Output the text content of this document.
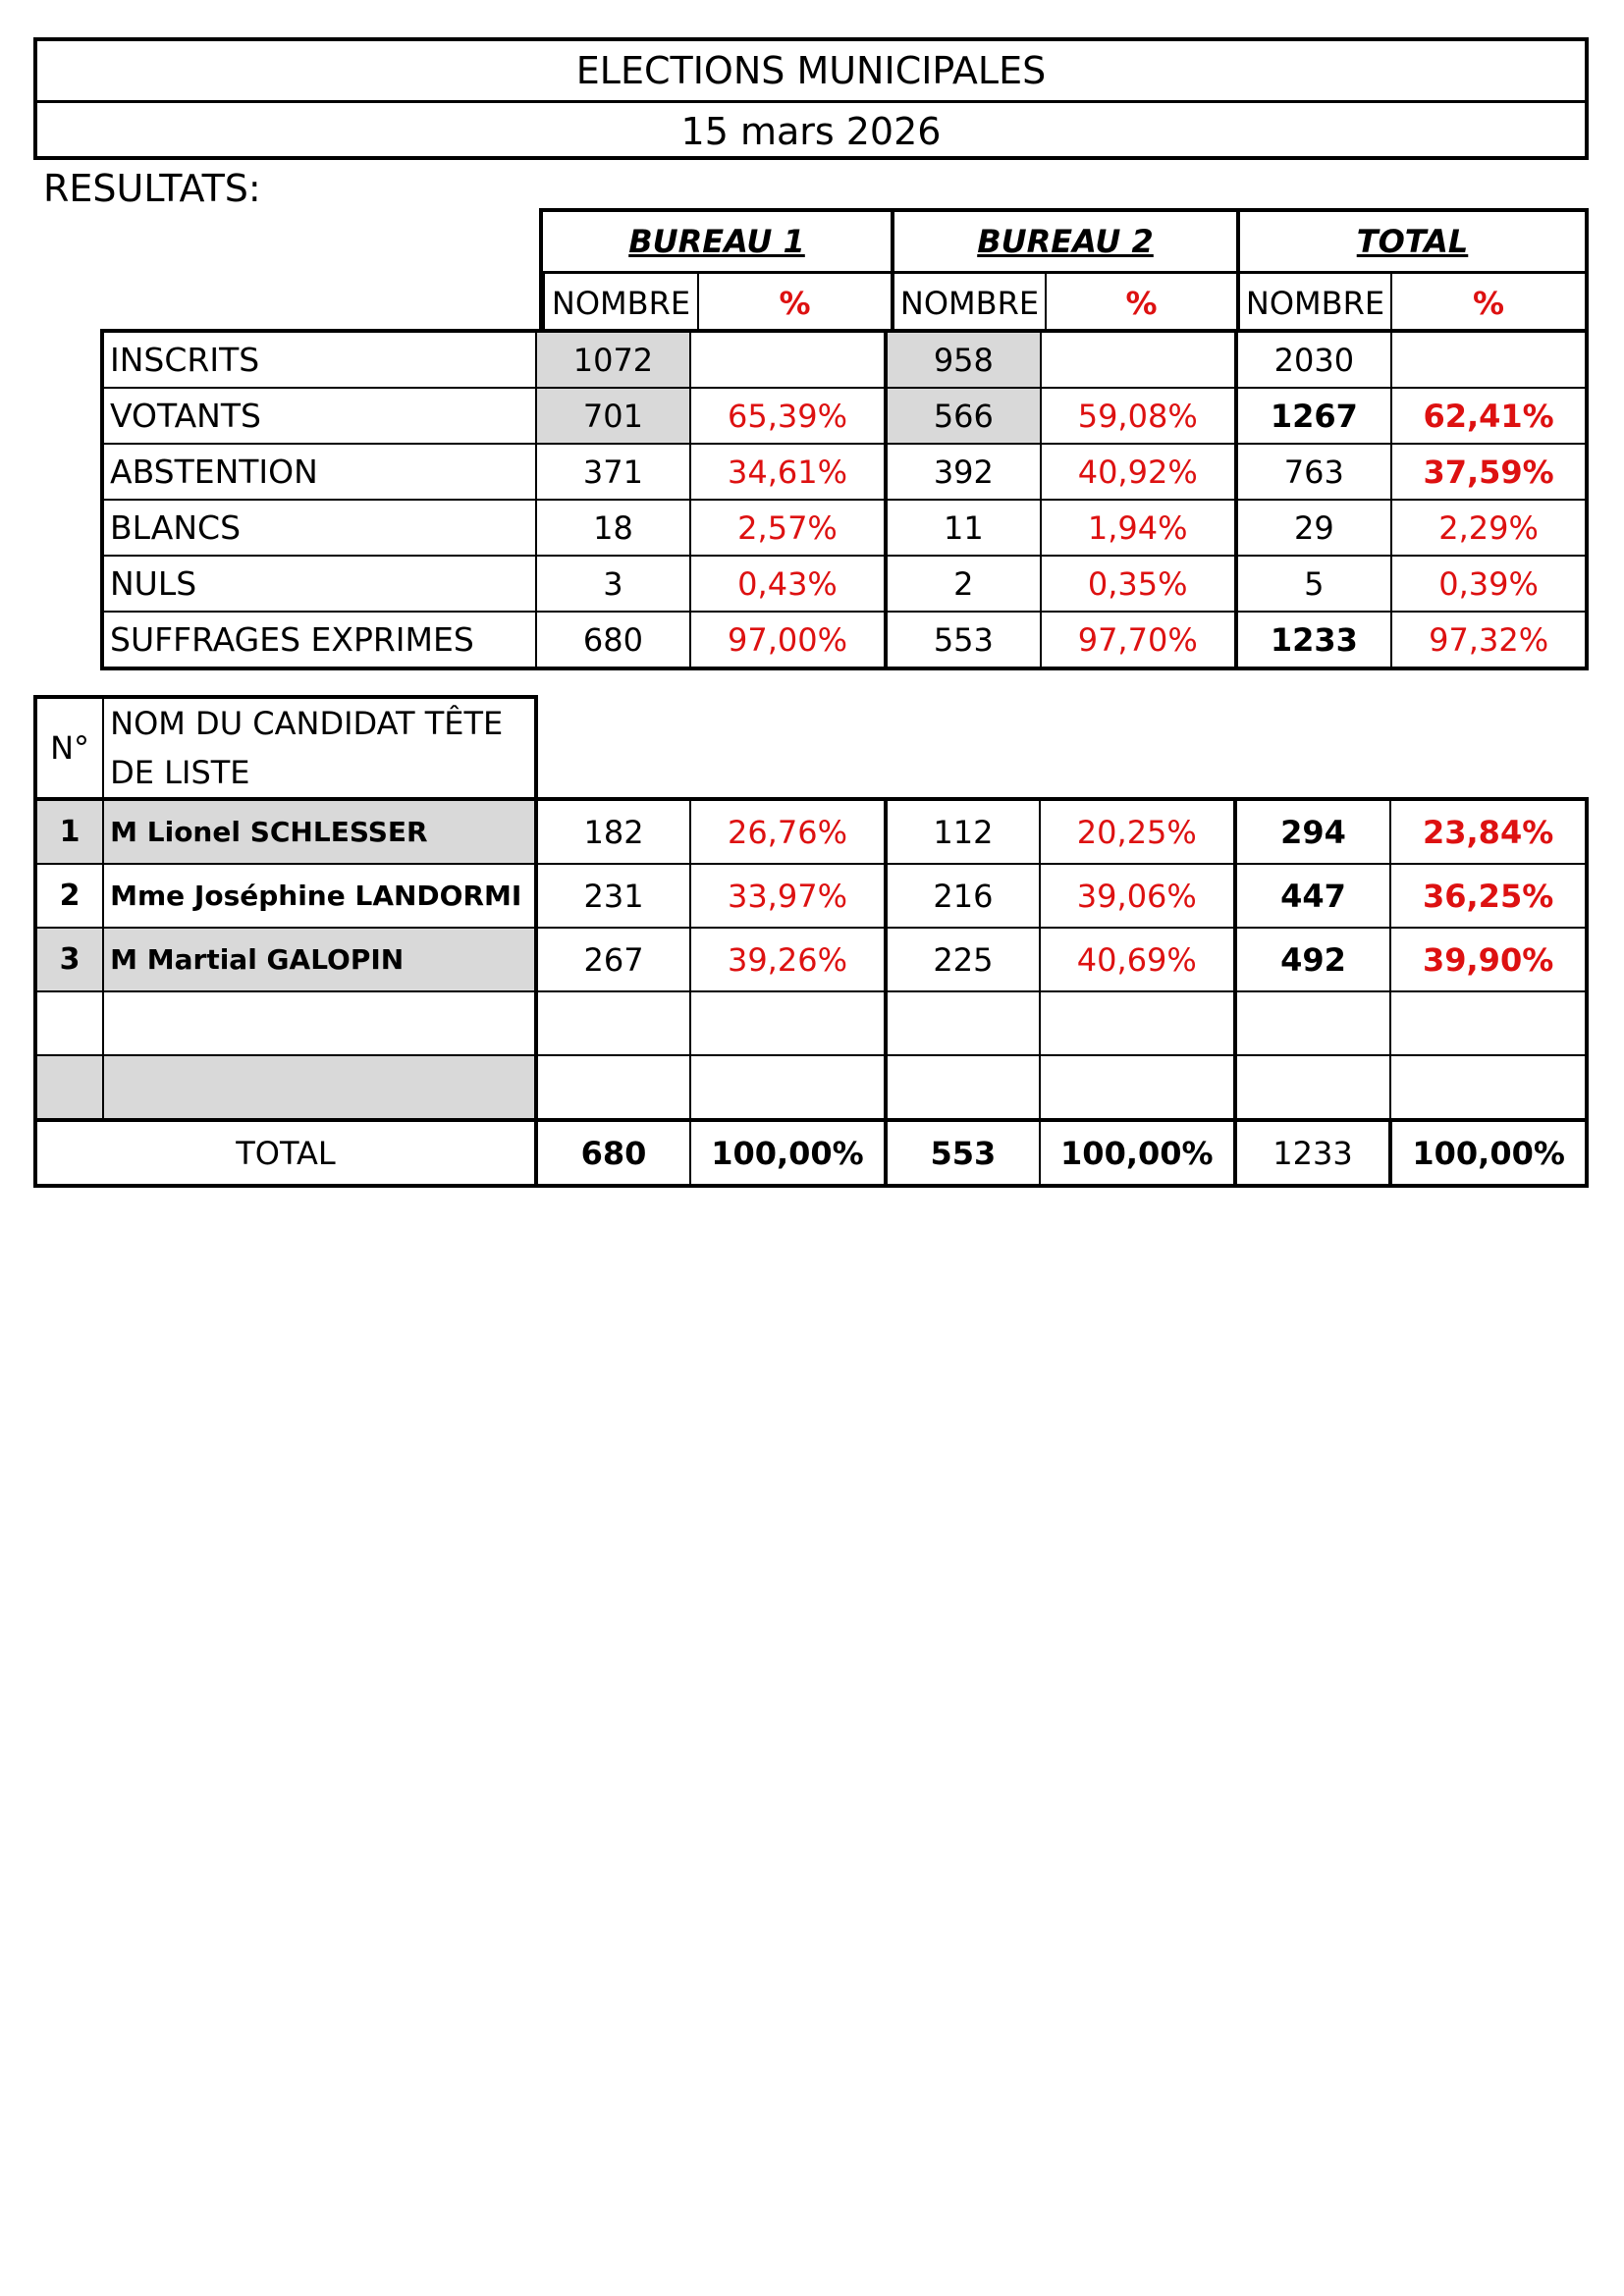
ELECTIONS MUNICIPALES
15 mars 2026
RESULTATS:
BUREAU 1	BUREAU 2	TOTAL
NOMBRE	%	NOMBRE	%	NOMBRE	%
INSCRITS	1072		958		2030	
VOTANTS	701	65,39%	566	59,08%	1267	62,41%
ABSTENTION	371	34,61%	392	40,92%	763	37,59%
BLANCS	18	2,57%	11	1,94%	29	2,29%
NULS	3	0,43%	2	0,35%	5	0,39%
SUFFRAGES EXPRIMES	680	97,00%	553	97,70%	1233	97,32%
N°	NOM DU CANDIDAT TÊTE DE LISTE						
1	M Lionel SCHLESSER	182	26,76%	112	20,25%	294	23,84%
2	Mme Joséphine LANDORMI	231	33,97%	216	39,06%	447	36,25%
3	M Martial GALOPIN	267	39,26%	225	40,69%	492	39,90%

TOTAL		680	100,00%	553	100,00%	1233	100,00%
